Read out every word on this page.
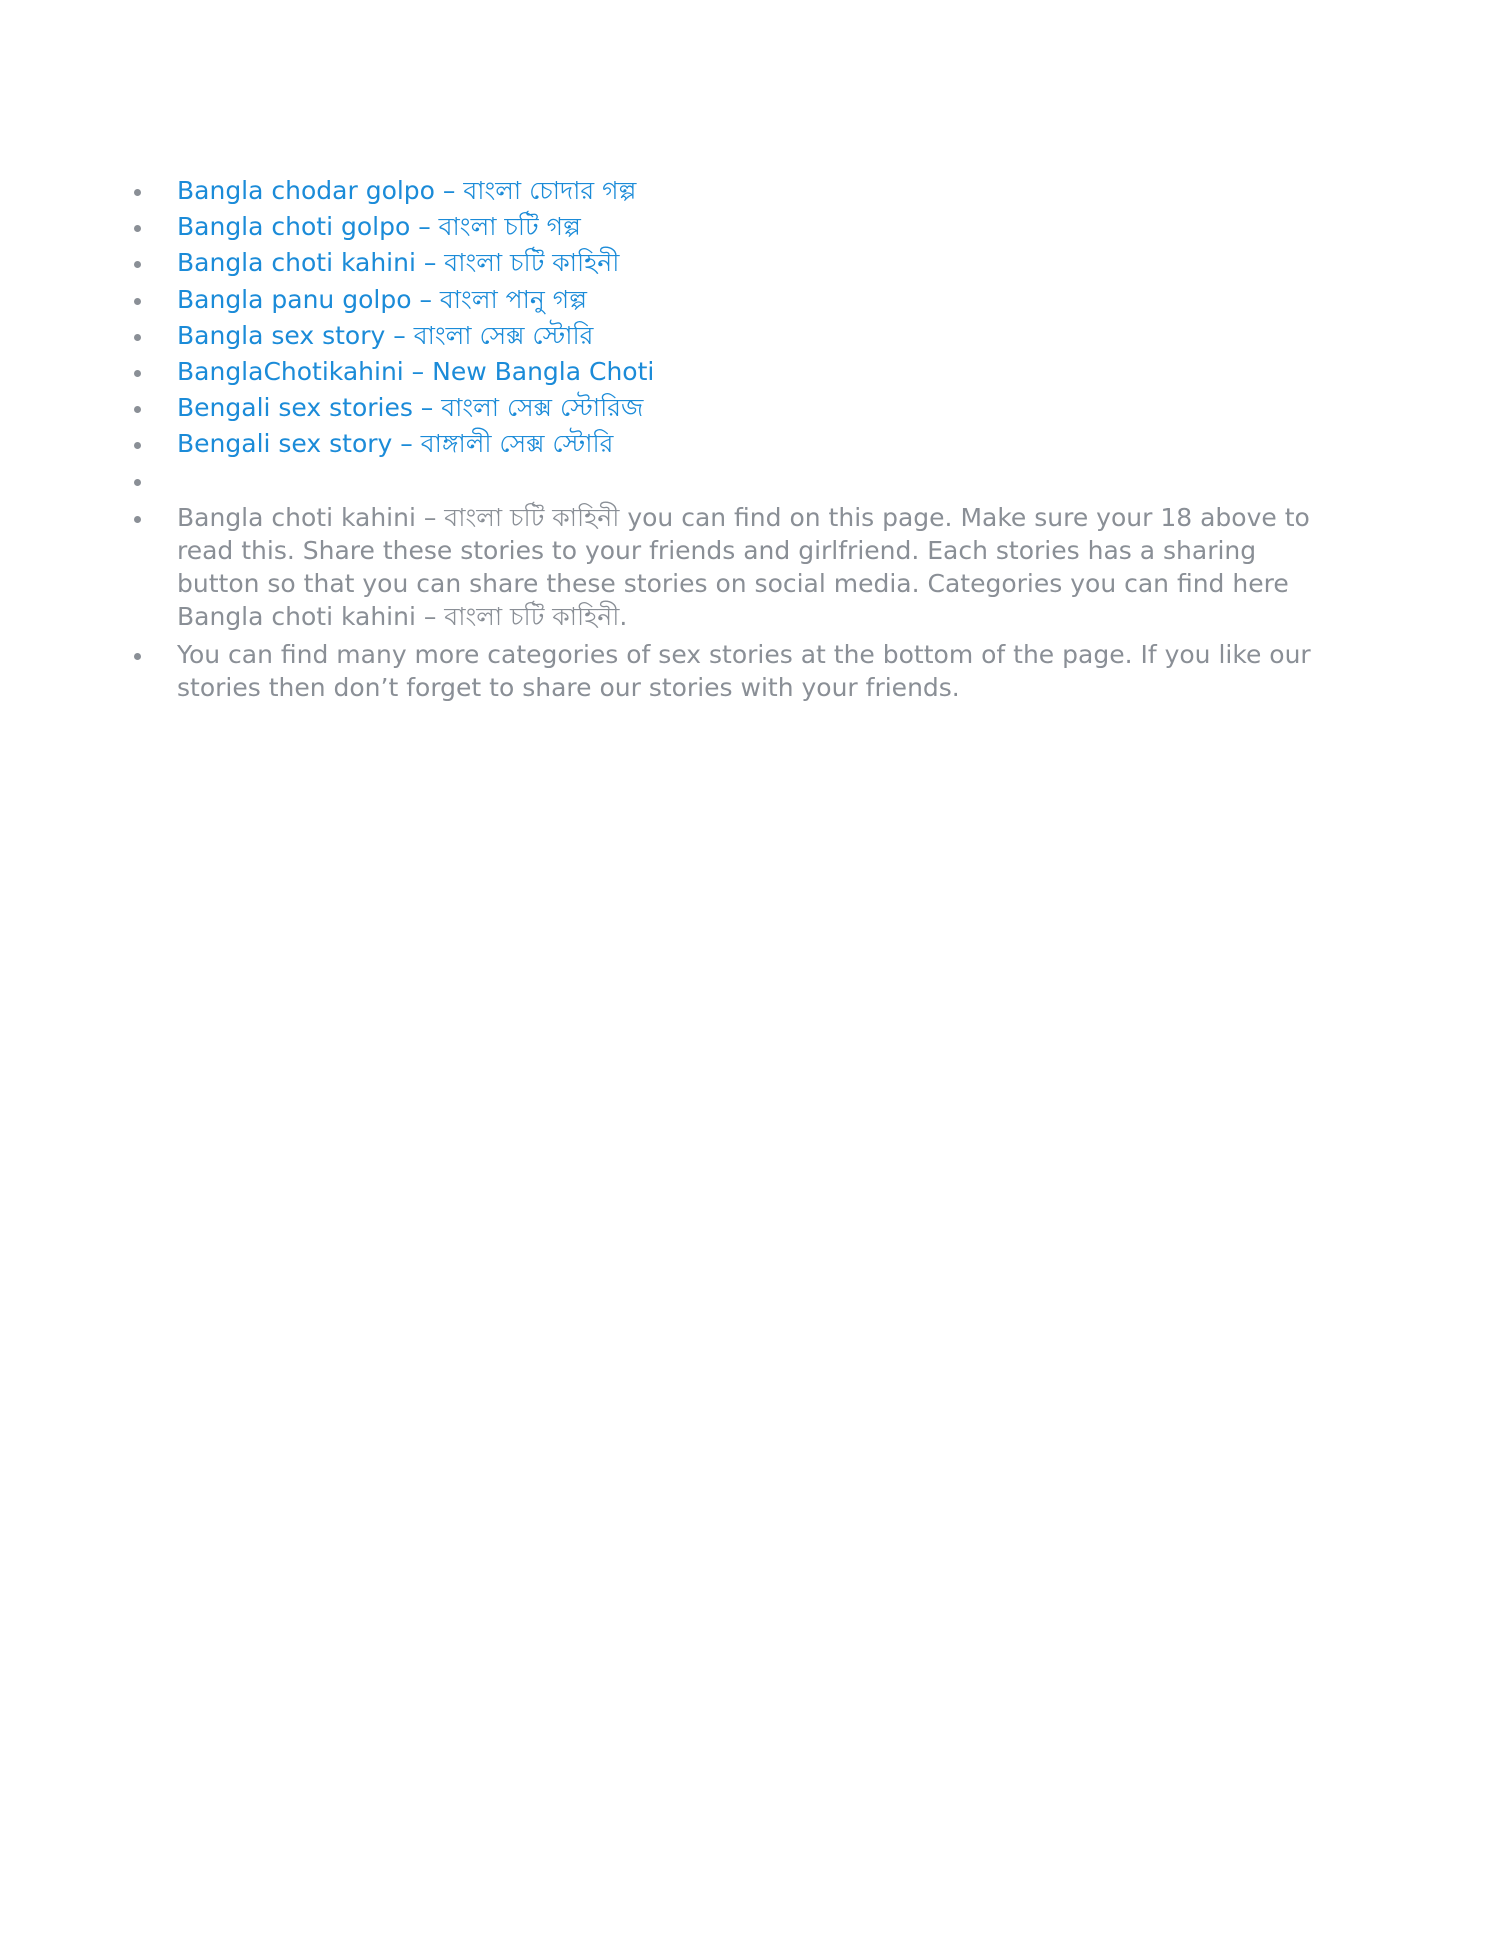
Bangla chodar golpo – বাংলা চোদার গল্প
Bangla choti golpo – বাংলা চটি গল্প
Bangla choti kahini – বাংলা চটি কাহিনী
Bangla panu golpo – বাংলা পানু গল্প
Bangla sex story – বাংলা সেক্স স্টোরি
BanglaChotikahini – New Bangla Choti
Bengali sex stories – বাংলা সেক্স স্টোরিজ
Bengali sex story – বাঙ্গালী সেক্স স্টোরি
Bangla choti kahini – বাংলা চটি কাহিনী you can find on this page. Make sure your 18 above to read this. Share these stories to your friends and girlfriend. Each stories has a sharing button so that you can share these stories on social media. Categories you can find here Bangla choti kahini – বাংলা চটি কাহিনী.
You can find many more categories of sex stories at the bottom of the page. If you like our stories then don’t forget to share our stories with your friends.
